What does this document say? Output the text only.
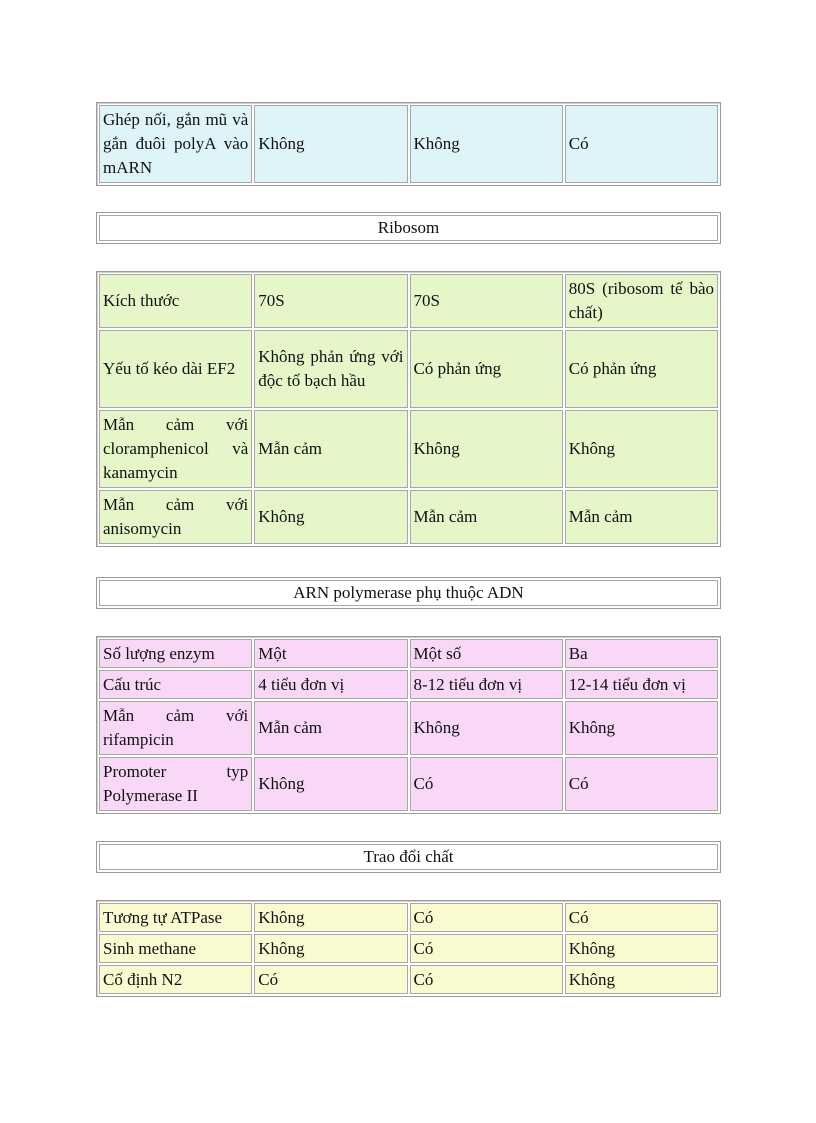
Ghép nối, gắn mũ và gắn đuôi polyA vào mARN	Không	Không	Có
Ribosom
Kích thước	70S	70S	80S (ribosom tế bào chất)
Yếu tố kéo dài EF2	Không phản ứng với độc tố bạch hầu	Có phản ứng	Có phản ứng
Mẫn cảm với cloramphenicol và kanamycin	Mẫn cảm	Không	Không
Mẫn cảm với anisomycin	Không	Mẫn cảm	Mẫn cảm
ARN polymerase phụ thuộc ADN
Số lượng enzym	Một	Một số	Ba
Cấu trúc	4 tiểu đơn vị	8-12 tiểu đơn vị	12-14 tiểu đơn vị
Mẫn cảm với rifampicin	Mẫn cảm	Không	Không
Promoter typ Polymerase II	Không	Có	Có
Trao đổi chất
Tương tự ATPase	Không	Có	Có
Sinh methane	Không	Có	Không
Cố định N2	Có	Có	Không
